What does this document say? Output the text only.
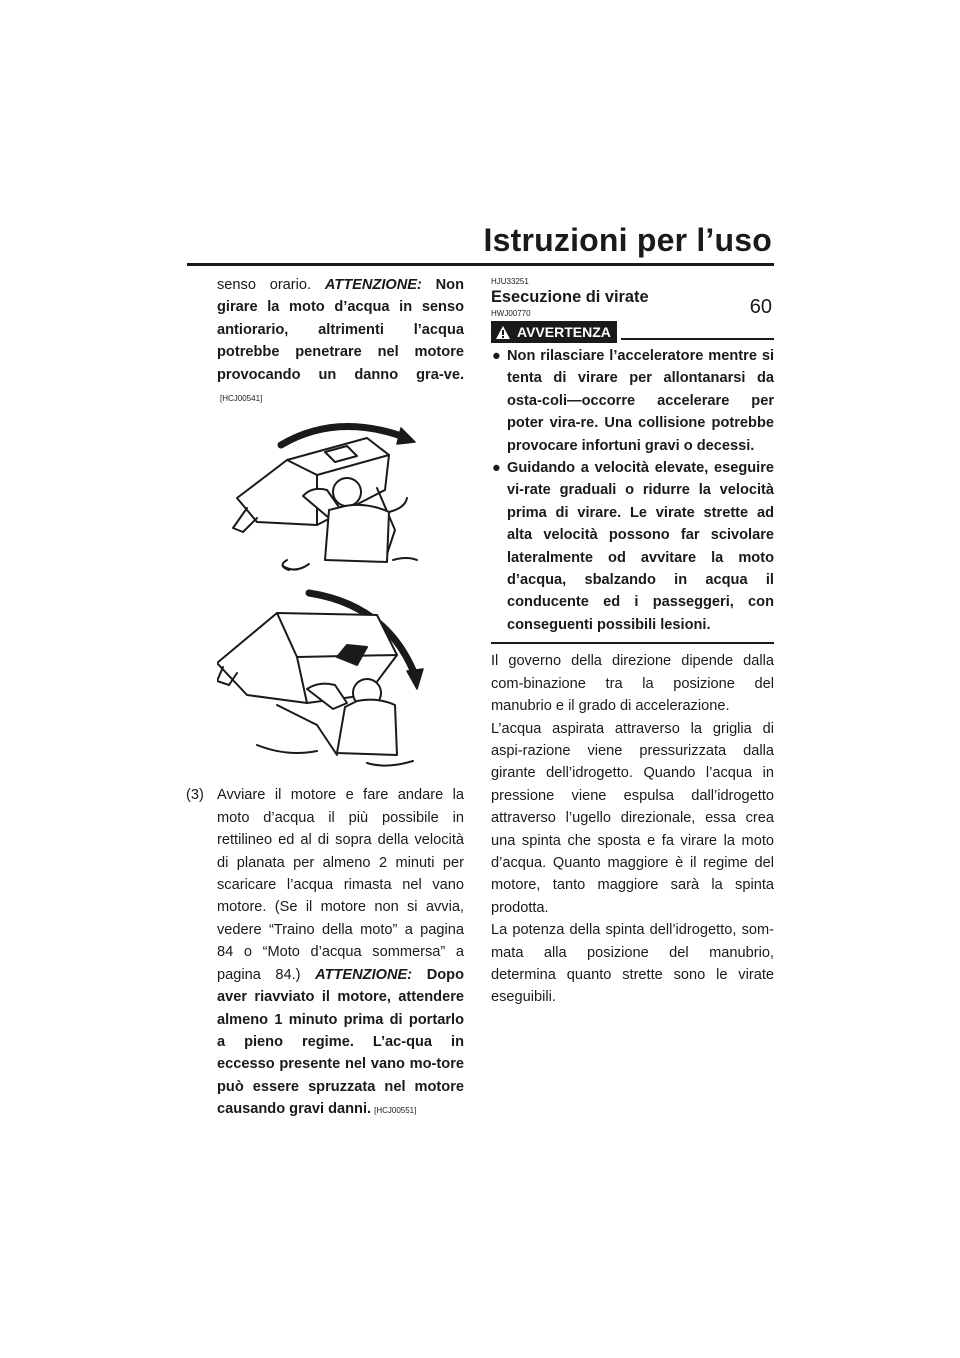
Istruzioni per l’uso
60

senso orario. ATTENZIONE: Non girare la moto d’acqua in senso antiorario, altrimenti l’acqua potrebbe penetrare nel motore provocando un danno gra-ve.[HCJ00541]

(3) Avviare il motore e fare andare la moto d’acqua il più possibile in rettilineo ed al di sopra della velocità di planata per almeno 2 minuti per scaricare l’acqua rimasta nel vano motore. (Se il motore non si avvia, vedere “Traino della moto” a pagina 84 o “Moto d’acqua sommersa” a pagina 84.) ATTENZIONE: Dopo aver riavviato il motore, attendere almeno 1 minuto prima di portarlo a pieno regime. L’ac-qua in eccesso presente nel vano mo-tore può essere spruzzata nel motore causando gravi danni. [HCJ00551]
HJU33251
Esecuzione di virate
HWJ00770
AVVERTENZA
● Non rilasciare l’acceleratore mentre si tenta di virare per allontanarsi da osta-coli—occorre accelerare per poter vira-re. Una collisione potrebbe provocare infortuni gravi o decessi.
● Guidando a velocità elevate, eseguire vi-rate graduali o ridurre la velocità prima di virare. Le virate strette ad alta velocità possono far scivolare lateralmente od avvitare la moto d’acqua, sbalzando in acqua il conducente ed i passeggeri, con conseguenti possibili lesioni.

Il governo della direzione dipende dalla com-binazione tra la posizione del manubrio e il grado di accelerazione.

L’acqua aspirata attraverso la griglia di aspi-razione viene pressurizzata dalla girante dell’idrogetto. Quando l’acqua in pressione viene espulsa dall’idrogetto attraverso l’ugello direzionale, essa crea una spinta che sposta e fa virare la moto d’acqua. Quanto maggiore è il regime del motore, tanto maggiore sarà la spinta prodotta.

La potenza della spinta dell’idrogetto, som-mata alla posizione del manubrio, determina quanto strette sono le virate eseguibili.
